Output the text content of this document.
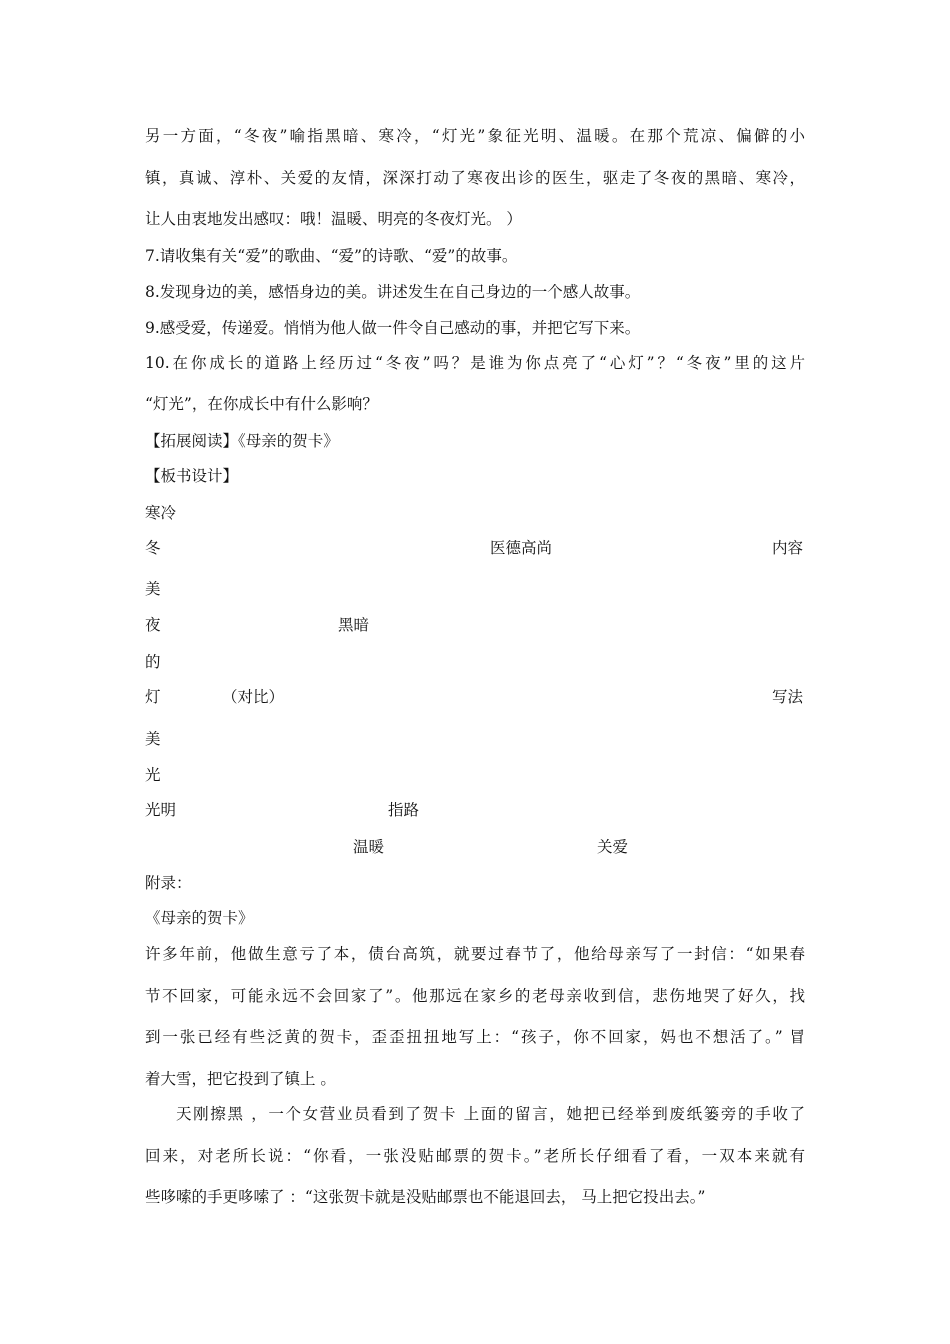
另一方面，“冬夜”喻指黑暗、寒冷，“灯光”象征光明、温暖。在那个荒凉、偏僻的小
镇，真诚、淳朴、关爱的友情，深深打动了寒夜出诊的医生，驱走了冬夜的黑暗、寒冷，
让人由衷地发出感叹：哦！温暖、明亮的冬夜灯光。 ）
7.请收集有关“爱”的歌曲、“爱”的诗歌、“爱”的故事。
8.发现身边的美，感悟身边的美。讲述发生在自己身边的一个感人故事。
9.感受爱，传递爱。悄悄为他人做一件令自己感动的事，并把它写下来。
10.在你成长的道路上经历过“冬夜”吗？是谁为你点亮了“心灯”？“冬夜”里的这片
“灯光”，在你成长中有什么影响？
【拓展阅读】《母亲的贺卡》
【板书设计】
寒冷
冬	医德高尚	内容
美
夜	黑暗
的
灯	（对比）	写法
美
光
光明	指路
温暖	关爱
附录：
《母亲的贺卡》
许多年前，他做生意亏了本，债台高筑，就要过春节了，他给母亲写了一封信：“如果春
节不回家，可能永远不会回家了”。他那远在家乡的老母亲收到信，悲伤地哭了好久，找
到一张已经有些泛黄的贺卡，歪歪扭扭地写上：“孩子，你不回家，妈也不想活了。” 冒
着大雪，把它投到了镇上 。
天刚擦黑 ，一个女营业员看到了贺卡 上面的留言，她把已经举到废纸篓旁的手收了
回来，对老所长说：“你看，一张没贴邮票的贺卡。”老所长仔细看了看，一双本来就有
些哆嗦的手更哆嗦了 ：“这张贺卡就是没贴邮票也不能退回去， 马上把它投出去。”
